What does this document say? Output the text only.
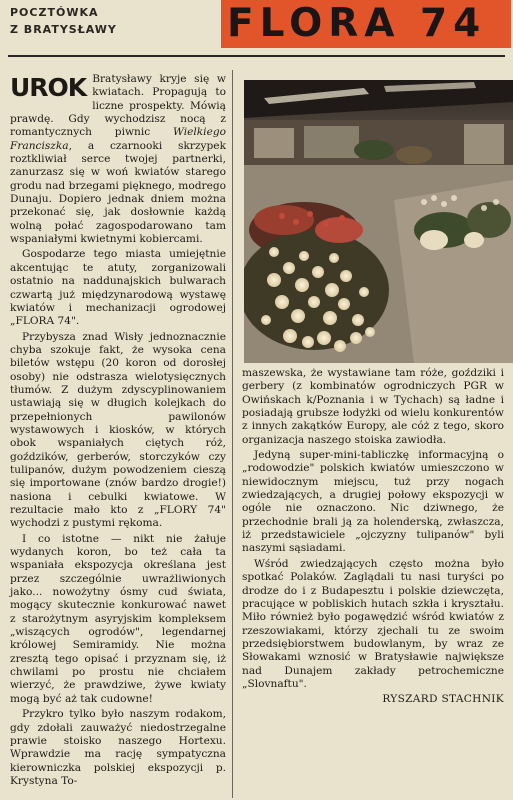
POCZTÓWKA
Z BRATYSŁAWY	FLORA 74

UROK Bratysławy kryje się w kwiatach. Propagują to liczne prospekty. Mówią prawdę. Gdy wychodzisz nocą z romantycznych piwnic Wielkiego Franciszka, a czarnooki skrzypek roztkliwiał serce twojej partnerki, zanurzasz się w woń kwiatów starego grodu nad brzegami pięknego, modrego Dunaju. Dopiero jednak dniem można przekonać się, jak dosłownie każdą wolną połać zagospodarowano tam wspaniałymi kwietnymi kobiercami.

Gospodarze tego miasta umiejętnie akcentując te atuty, zorganizowali ostatnio na naddunajskich bulwarach czwartą już międzynarodową wystawę kwiatów i mechanizacji ogrodowej „FLORA 74".

Przybysza znad Wisły jednoznacznie chyba szokuje fakt, że wysoka cena biletów wstępu (20 koron od dorosłej osoby) nie odstrasza wielotysięcznych tłumów. Z dużym zdyscyplinowaniem ustawiają się w długich kolejkach do przepełnionych pawilonów wystawowych i kiosków, w których obok wspaniałych ciętych róż, goździków, gerberów, storczyków czy tulipanów, dużym powodzeniem cieszą się importowane (znów bardzo drogie!) nasiona i cebulki kwiatowe. W rezultacie mało kto z „FLORY 74" wychodzi z pustymi rękoma.

I co istotne — nikt nie żałuje wydanych koron, bo też cała ta wspaniała ekspozycja określana jest przez szczególnie uwrażliwionych jako... nowożytny ósmy cud świata, mogący skutecznie konkurować nawet z starożytnym asyryjskim kompleksem „wiszących ogrodów", legendarnej królowej Semiramidy. Nie można zresztą tego opisać i przyznam się, iż chwilami po prostu nie chciałem wierzyć, że prawdziwe, żywe kwiaty mogą być aż tak cudowne!

Przykro tylko było naszym rodakom, gdy zdołali zauważyć niedostrzegalne prawie stoisko naszego Hortexu. Wprawdzie ma rację sympatyczna kierowniczka polskiej ekspozycji p. Krystyna To-

maszewska, że wystawiane tam róże, goździki i gerbery (z kombinatów ogrodniczych PGR w Owińskach k/Poznania i w Tychach) są ładne i posiadają grubsze łodyżki od wielu konkurentów z innych zakątków Europy, ale cóż z tego, skoro organizacja naszego stoiska zawiodła.

Jedyną super-mini-tabliczkę informacyjną o „rodowodzie" polskich kwiatów umieszczono w niewidocznym miejscu, tuż przy nogach zwiedzających, a drugiej połowy ekspozycji w ogóle nie oznaczono. Nic dziwnego, że przechodnie brali ją za holenderską, zwłaszcza, iż przedstawiciele „ojczyzny tulipanów" byli naszymi sąsiadami.

Wśród zwiedzających często można było spotkać Polaków. Zaglądali tu nasi turyści po drodze do i z Budapesztu i polskie dziewczęta, pracujące w pobliskich hutach szkła i kryształu. Miło również było pogawędzić wśród kwiatów z rzeszowiakami, którzy zjechali tu ze swoim przedsiębiorstwem budowlanym, by wraz ze Słowakami wznosić w Bratysławie największe nad Dunajem zakłady petrochemiczne „Slovnaftu".

RYSZARD STACHNIK
